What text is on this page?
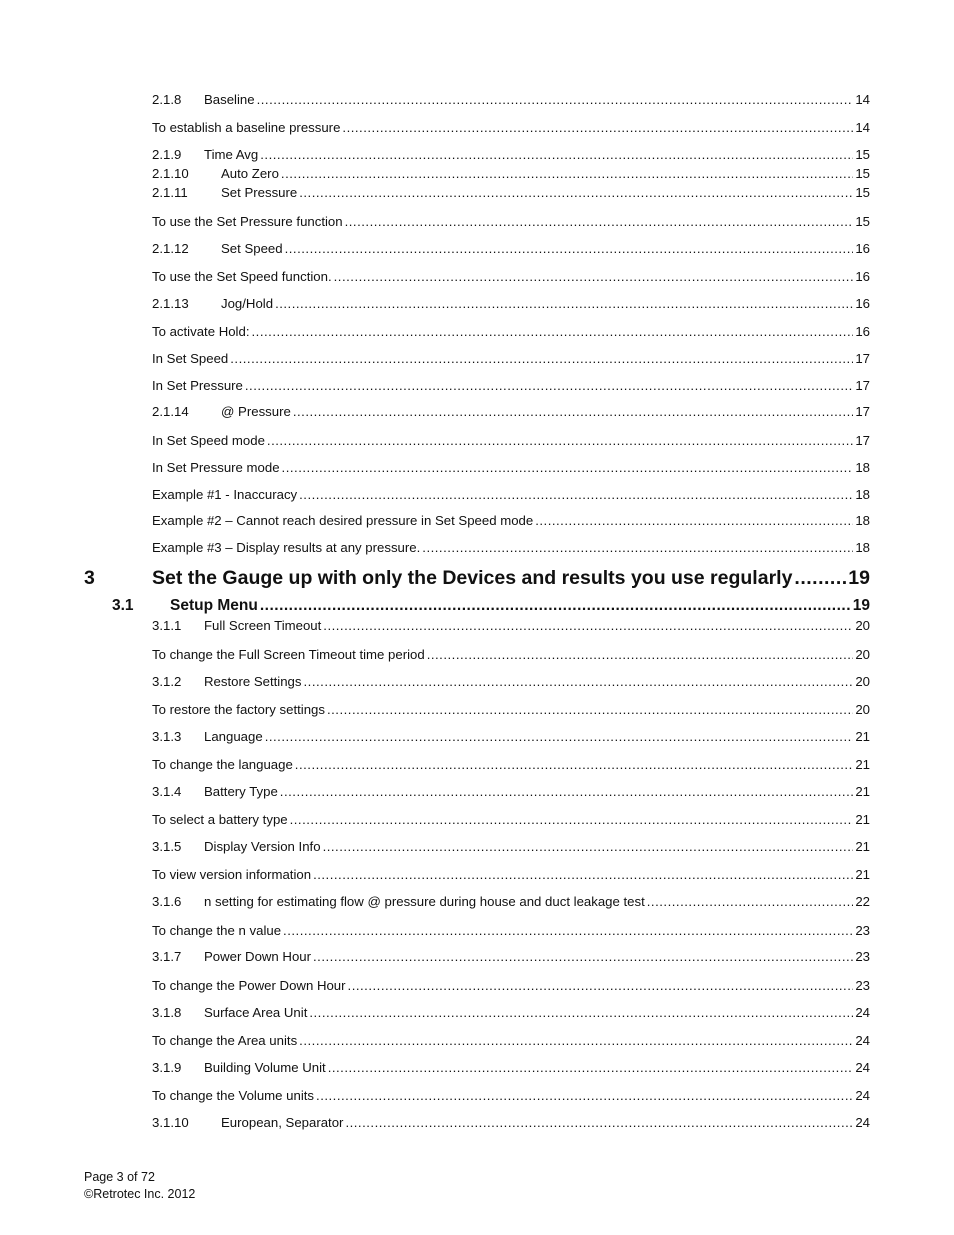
2.1.8	Baseline .....	14
To establish a baseline pressure .....	14
2.1.9	Time Avg .....	15
2.1.10	Auto Zero .....	15
2.1.11	Set Pressure .....	15
To use the Set Pressure function .....	15
2.1.12	Set Speed .....	16
To use the Set Speed function. .....	16
2.1.13	Jog/Hold .....	16
To activate Hold: .....	16
In Set Speed .....	17
In Set Pressure .....	17
2.1.14	@ Pressure .....	17
In Set Speed mode .....	17
In Set Pressure mode .....	18
Example #1 - Inaccuracy .....	18
Example #2 – Cannot reach desired pressure in Set Speed mode .....	18
Example #3 – Display results at any pressure. .....	18
3	Set the Gauge up with only the Devices and results you use regularly .....	19
3.1	Setup Menu .....	19
3.1.1	Full Screen Timeout .....	20
To change the Full Screen Timeout time period .....	20
3.1.2	Restore Settings .....	20
To restore the factory settings .....	20
3.1.3	Language .....	21
To change the language .....	21
3.1.4	Battery Type .....	21
To select a battery type .....	21
3.1.5	Display Version Info .....	21
To view version information .....	21
3.1.6	n setting for estimating flow @ pressure during house and duct leakage test .....	22
To change the n value .....	23
3.1.7	Power Down Hour .....	23
To change the Power Down Hour .....	23
3.1.8	Surface Area Unit .....	24
To change the Area units .....	24
3.1.9	Building Volume Unit .....	24
To change the Volume units .....	24
3.1.10	European, Separator .....	24
Page 3 of 72
©Retrotec Inc. 2012
